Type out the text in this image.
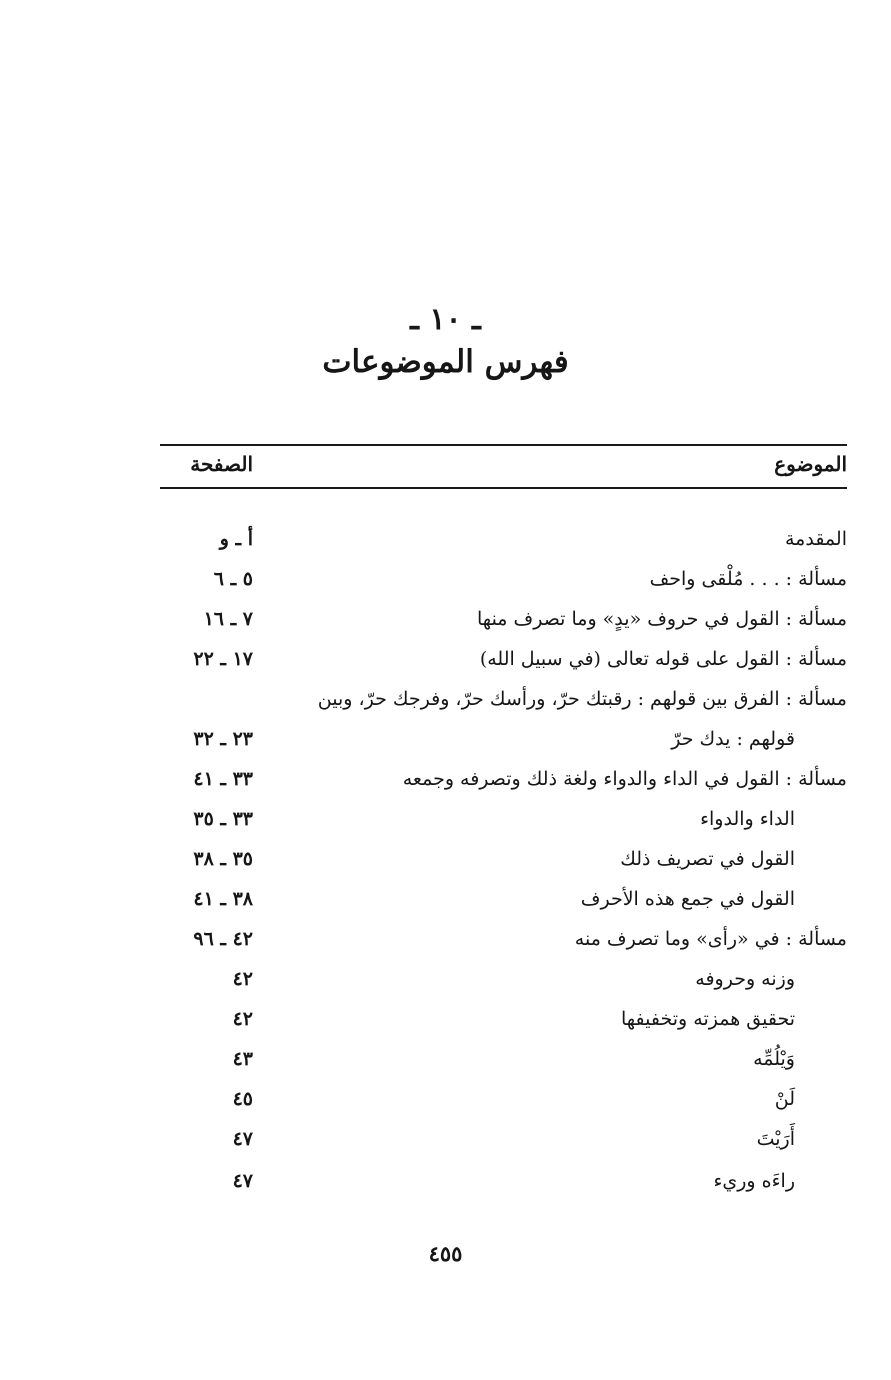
ـ ١٠ ـ
فهرس الموضوعات
الموضوع
الصفحة
المقدمة
أ ـ و
مسألة : . . . مُلْقى واحف
٥ ـ ٦
مسألة : القول في حروف «يدٍ» وما تصرف منها
٧ ـ ١٦
مسألة : القول على قوله تعالى (في سبيل الله)
١٧ ـ ٢٢
مسألة : الفرق بين قولهم : رقبتك حرّ، ورأسك حرّ، وفرجك حرّ، وبين
قولهم : يدك حرّ
٢٣ ـ ٣٢
مسألة : القول في الداء والدواء ولغة ذلك وتصرفه وجمعه
٣٣ ـ ٤١
الداء والدواء
٣٣ ـ ٣٥
القول في تصريف ذلك
٣٥ ـ ٣٨
القول في جمع هذه الأحرف
٣٨ ـ ٤١
مسألة : في «رأى» وما تصرف منه
٤٢ ـ ٩٦
وزنه وحروفه
٤٢
تحقيق همزته وتخفيفها
٤٢
وَيْلُمِّه
٤٣
لَنْ
٤٥
أَرَيْتَ
٤٧
راءَه وريء
٤٧
٤٥٥
